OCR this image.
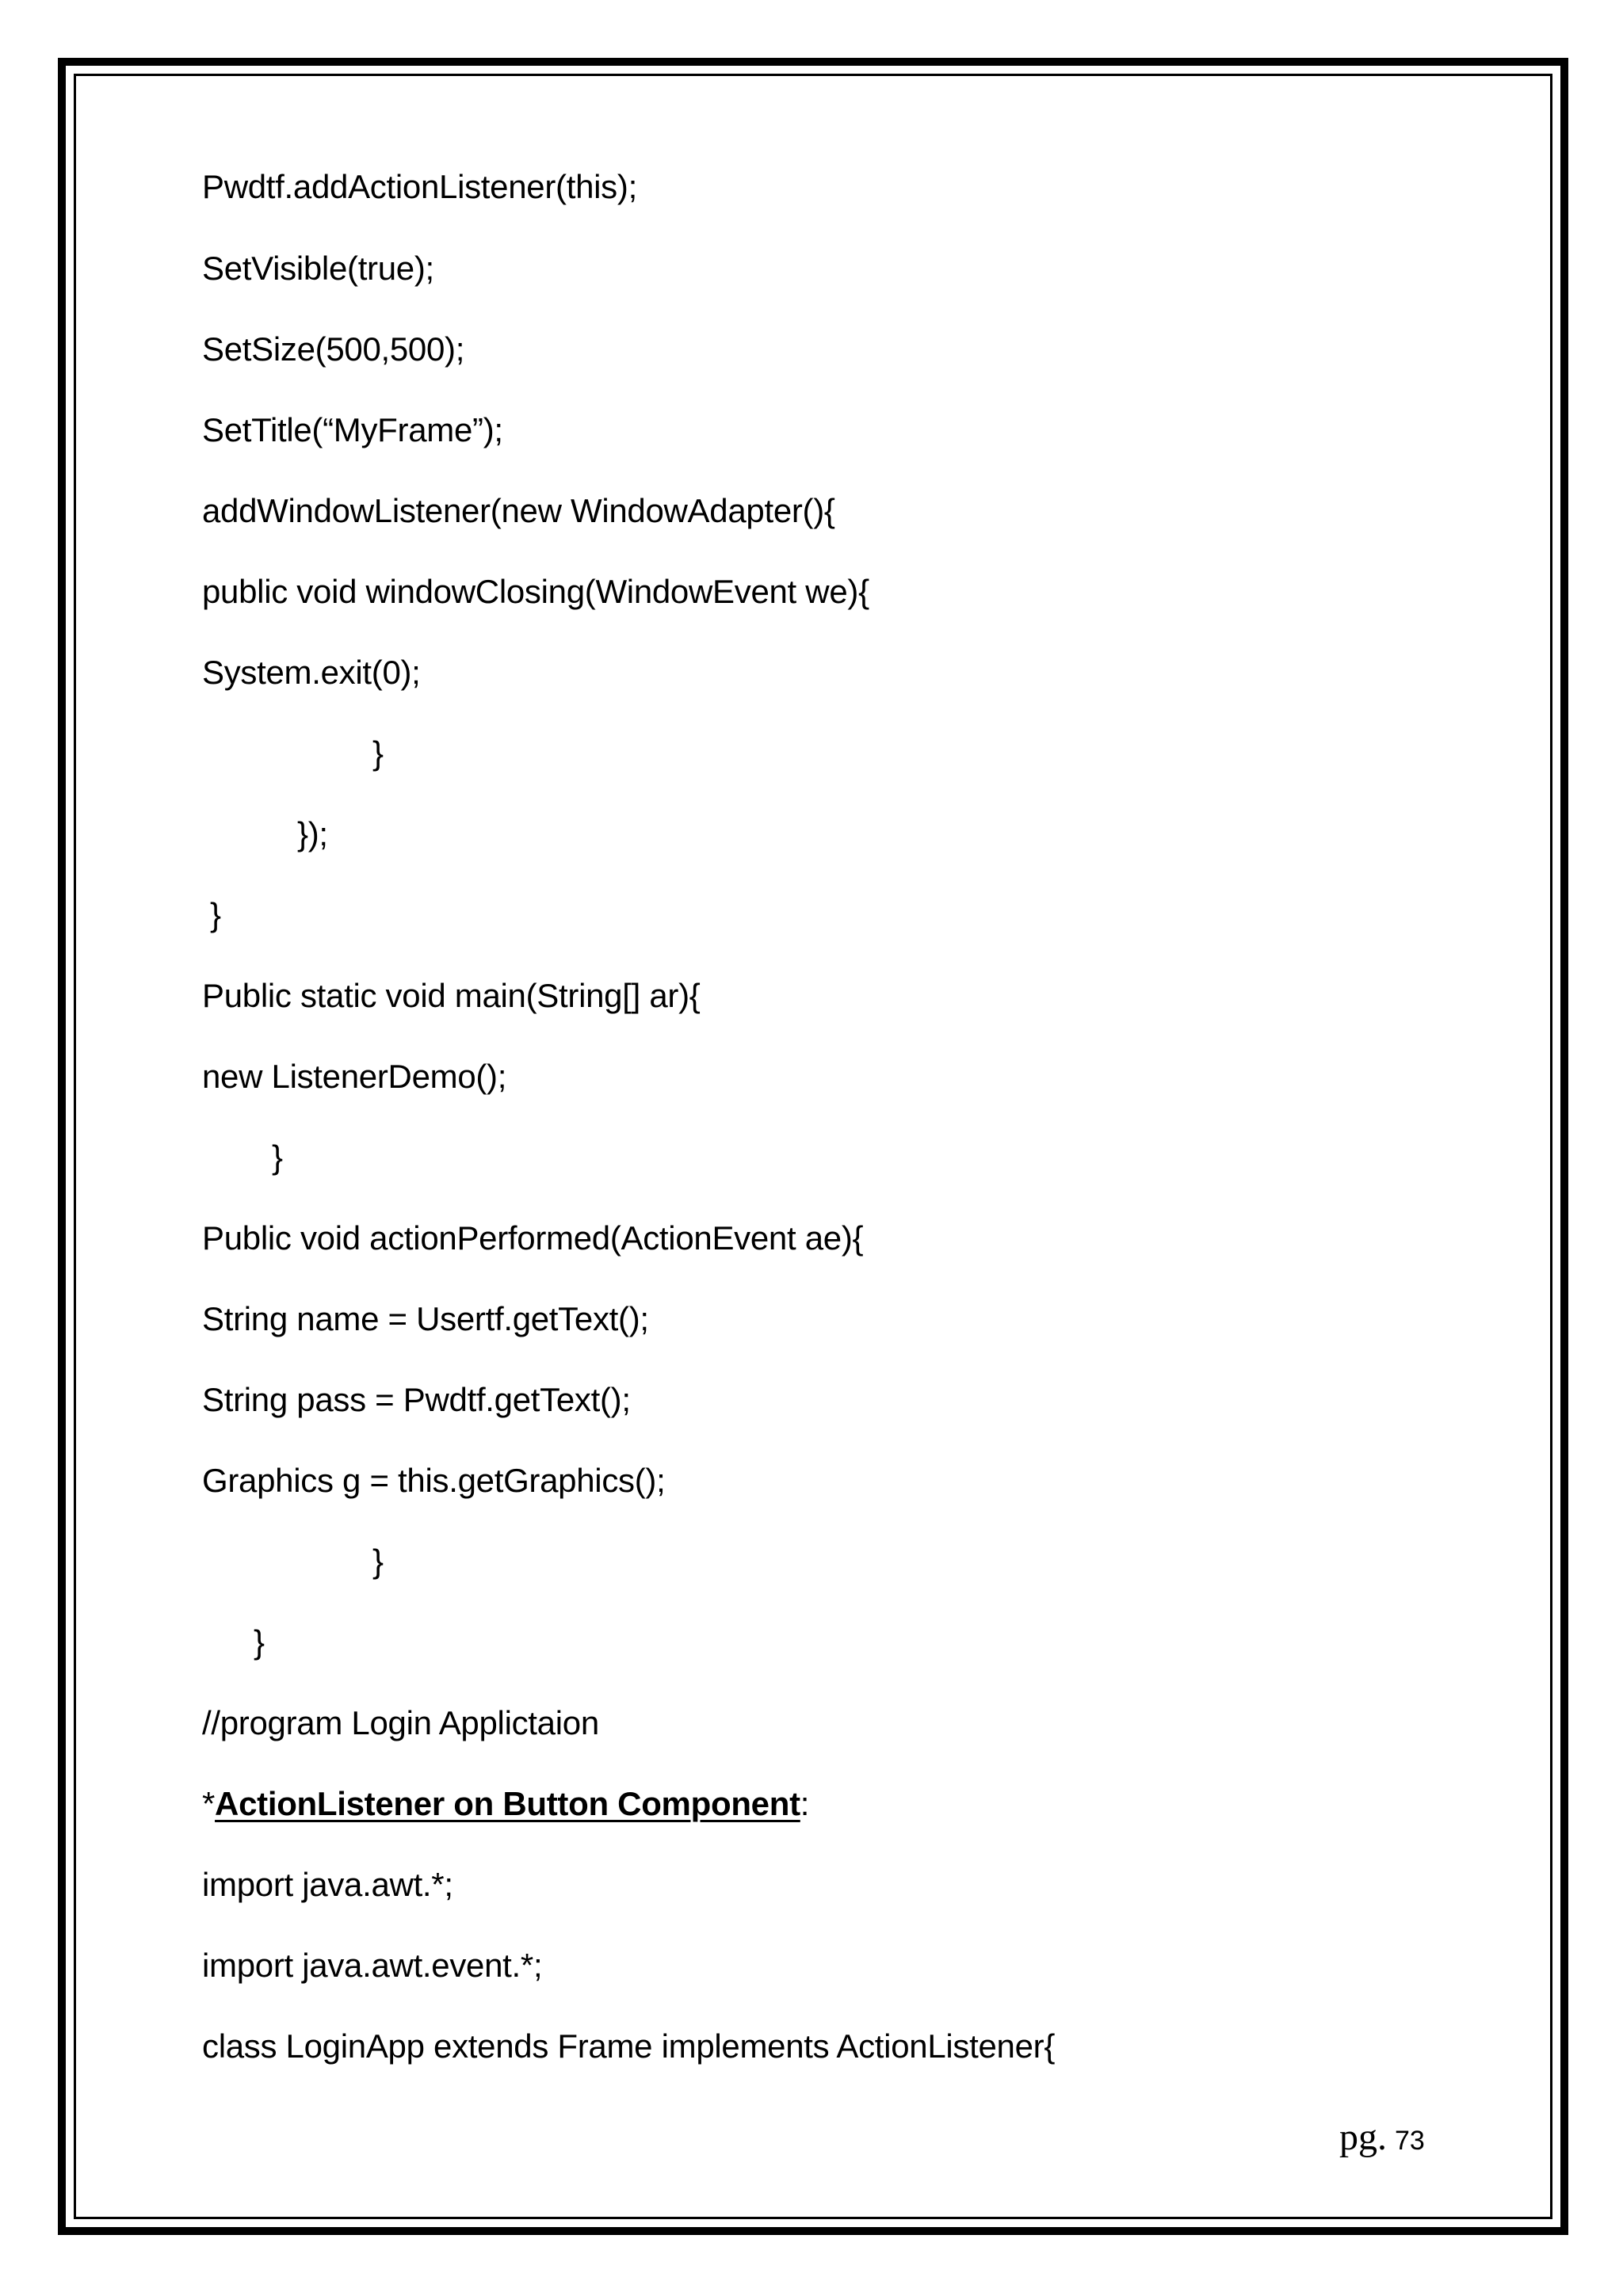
Pwdtf.addActionListener(this);
SetVisible(true);
SetSize(500,500);
SetTitle(“MyFrame”);
addWindowListener(new WindowAdapter(){
public void windowClosing(WindowEvent we){
System.exit(0);
}
});
}
Public static void main(String[] ar){
new ListenerDemo();
}
Public void actionPerformed(ActionEvent ae){
String name = Usertf.getText();
String pass = Pwdtf.getText();
Graphics g = this.getGraphics();
}
}
//program Login Applictaion
*ActionListener on Button Component:
import java.awt.*;
import java.awt.event.*;
class LoginApp extends Frame implements ActionListener{
pg. 73
